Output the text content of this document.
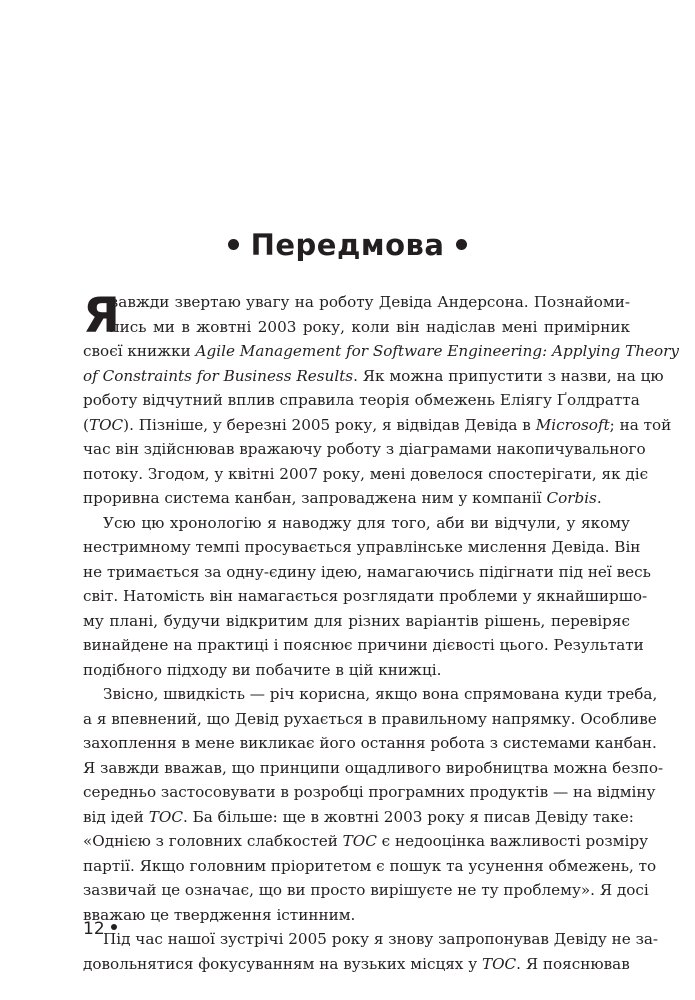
Передмова
Я
завжди звертаю увагу на роботу Девіда Андерсона. Познайоми-
лись ми в жовтні 2003 року, коли він надіслав мені примірник
своєї книжки Agile Management for Software Engineering: Applying Theory
of Constraints for Business Results. Як можна припустити з назви, на цю
роботу відчутний вплив справила теорія обмежень Еліягу Ґолдратта
(TOC). Пізніше, у березні 2005 року, я відвідав Девіда в Microsoft; на той
час він здійснював вражаючу роботу з діаграмами накопичувального
потоку. Згодом, у квітні 2007 року, мені довелося спостерігати, як діє
проривна система канбан, запроваджена ним у компанії Corbis.
Усю цю хронологію я наводжу для того, аби ви відчули, у якому
нестримному темпі просувається управлінське мислення Девіда. Він
не тримається за одну-єдину ідею, намагаючись підігнати під неї весь
світ. Натомість він намагається розглядати проблеми у якнайширшо-
му плані, будучи відкритим для різних варіантів рішень, перевіряє
винайдене на практиці і пояснює причини дієвості цього. Результати
подібного підходу ви побачите в цій книжці.
Звісно, швидкість — річ корисна, якщо вона спрямована куди треба,
а я впевнений, що Девід рухається в правильному напрямку. Особливе
захоплення в мене викликає його остання робота з системами канбан.
Я завжди вважав, що принципи ощадливого виробництва можна безпо-
середньо застосовувати в розробці програмних продуктів — на відміну
від ідей TOC. Ба більше: ще в жовтні 2003 року я писав Девіду таке:
«Однією з головних слабкостей TOC є недооцінка важливості розміру
партії. Якщо головним пріоритетом є пошук та усунення обмежень, то
зазвичай це означає, що ви просто вирішуєте не ту проблему». Я досі
вважаю це твердження істинним.
Під час нашої зустрічі 2005 року я знову запропонував Девіду не за-
довольнятися фокусуванням на вузьких місцях у TOC. Я пояснював
12
